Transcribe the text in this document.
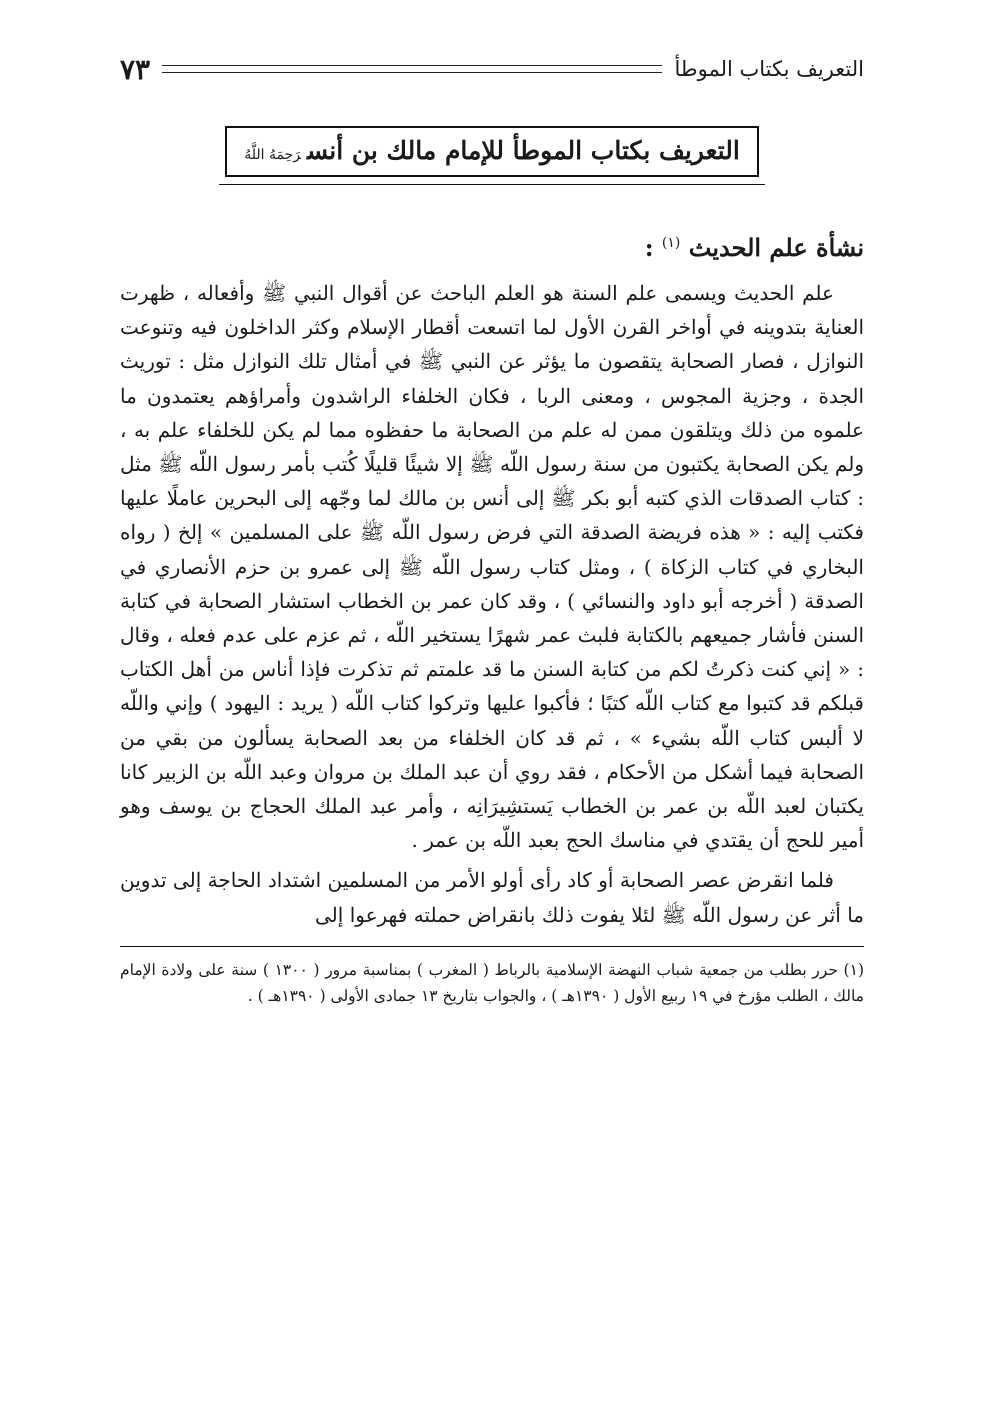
التعريف بكتاب الموطأ
٧٣
التعريف بكتاب الموطأ للإمام مالك بن أنسرَحِمَهُ اللَّهُ
نشأة علم الحديث $^{(١)}$ :

علم الحديث ويسمى علم السنة هو العلم الباحث عن أقوال النبي ﷺ وأفعاله ، ظهرت العناية بتدوينه في أواخر القرن الأول لما اتسعت أقطار الإسلام وكثر الداخلون فيه وتنوعت النوازل ، فصار الصحابة يتقصون ما يؤثر عن النبي ﷺ في أمثال تلك النوازل مثل : توريث الجدة ، وجزية المجوس ، ومعنى الربا ، فكان الخلفاء الراشدون وأمراؤهم يعتمدون ما علموه من ذلك ويتلقون ممن له علم من الصحابة ما حفظوه مما لم يكن للخلفاء علم به ، ولم يكن الصحابة يكتبون من سنة رسول اللّه ﷺ إلا شيئًا قليلًا كُتب بأمر رسول اللّه ﷺ مثل : كتاب الصدقات الذي كتبه أبو بكر ﷺ إلى أنس بن مالك لما وجّهه إلى البحرين عاملًا عليها فكتب إليه : « هذه فريضة الصدقة التي فرض رسول اللّه ﷺ على المسلمين » إلخ ( رواه البخاري في كتاب الزكاة ) ، ومثل كتاب رسول اللّه ﷺ إلى عمرو بن حزم الأنصاري في الصدقة ( أخرجه أبو داود والنسائي ) ، وقد كان عمر بن الخطاب استشار الصحابة في كتابة السنن فأشار جميعهم بالكتابة فلبث عمر شهرًا يستخير اللّه ، ثم عزم على عدم فعله ، وقال : « إني كنت ذكرتُ لكم من كتابة السنن ما قد علمتم ثم تذكرت فإذا أناس من أهل الكتاب قبلكم قد كتبوا مع كتاب اللّه كتبًا ؛ فأكبوا عليها وتركوا كتاب اللّه ( يريد : اليهود ) وإني واللّه لا ألبس كتاب اللّه بشيء » ، ثم قد كان الخلفاء من بعد الصحابة يسألون من بقي من الصحابة فيما أشكل من الأحكام ، فقد روي أن عبد الملك بن مروان وعبد اللّه بن الزبير كانا يكتبان لعبد اللّه بن عمر بن الخطاب يَستشِيرَانِه ، وأمر عبد الملك الحجاج بن يوسف وهو أمير للحج أن يقتدي في مناسك الحج بعبد اللّه بن عمر .

فلما انقرض عصر الصحابة أو كاد رأى أولو الأمر من المسلمين اشتداد الحاجة إلى تدوين ما أثر عن رسول اللّه ﷺ لئلا يفوت ذلك بانقراض حملته فهرعوا إلى

(١) حرر بطلب من جمعية شباب النهضة الإسلامية بالرباط ( المغرب ) بمناسبة مرور ( ١٣٠٠ ) سنة على ولادة الإمام مالك ، الطلب مؤرخ في ١٩ ربيع الأول ( ١٣٩٠هـ ) ، والجواب بتاريخ ١٣ جمادى الأولى ( ١٣٩٠هـ ) .
